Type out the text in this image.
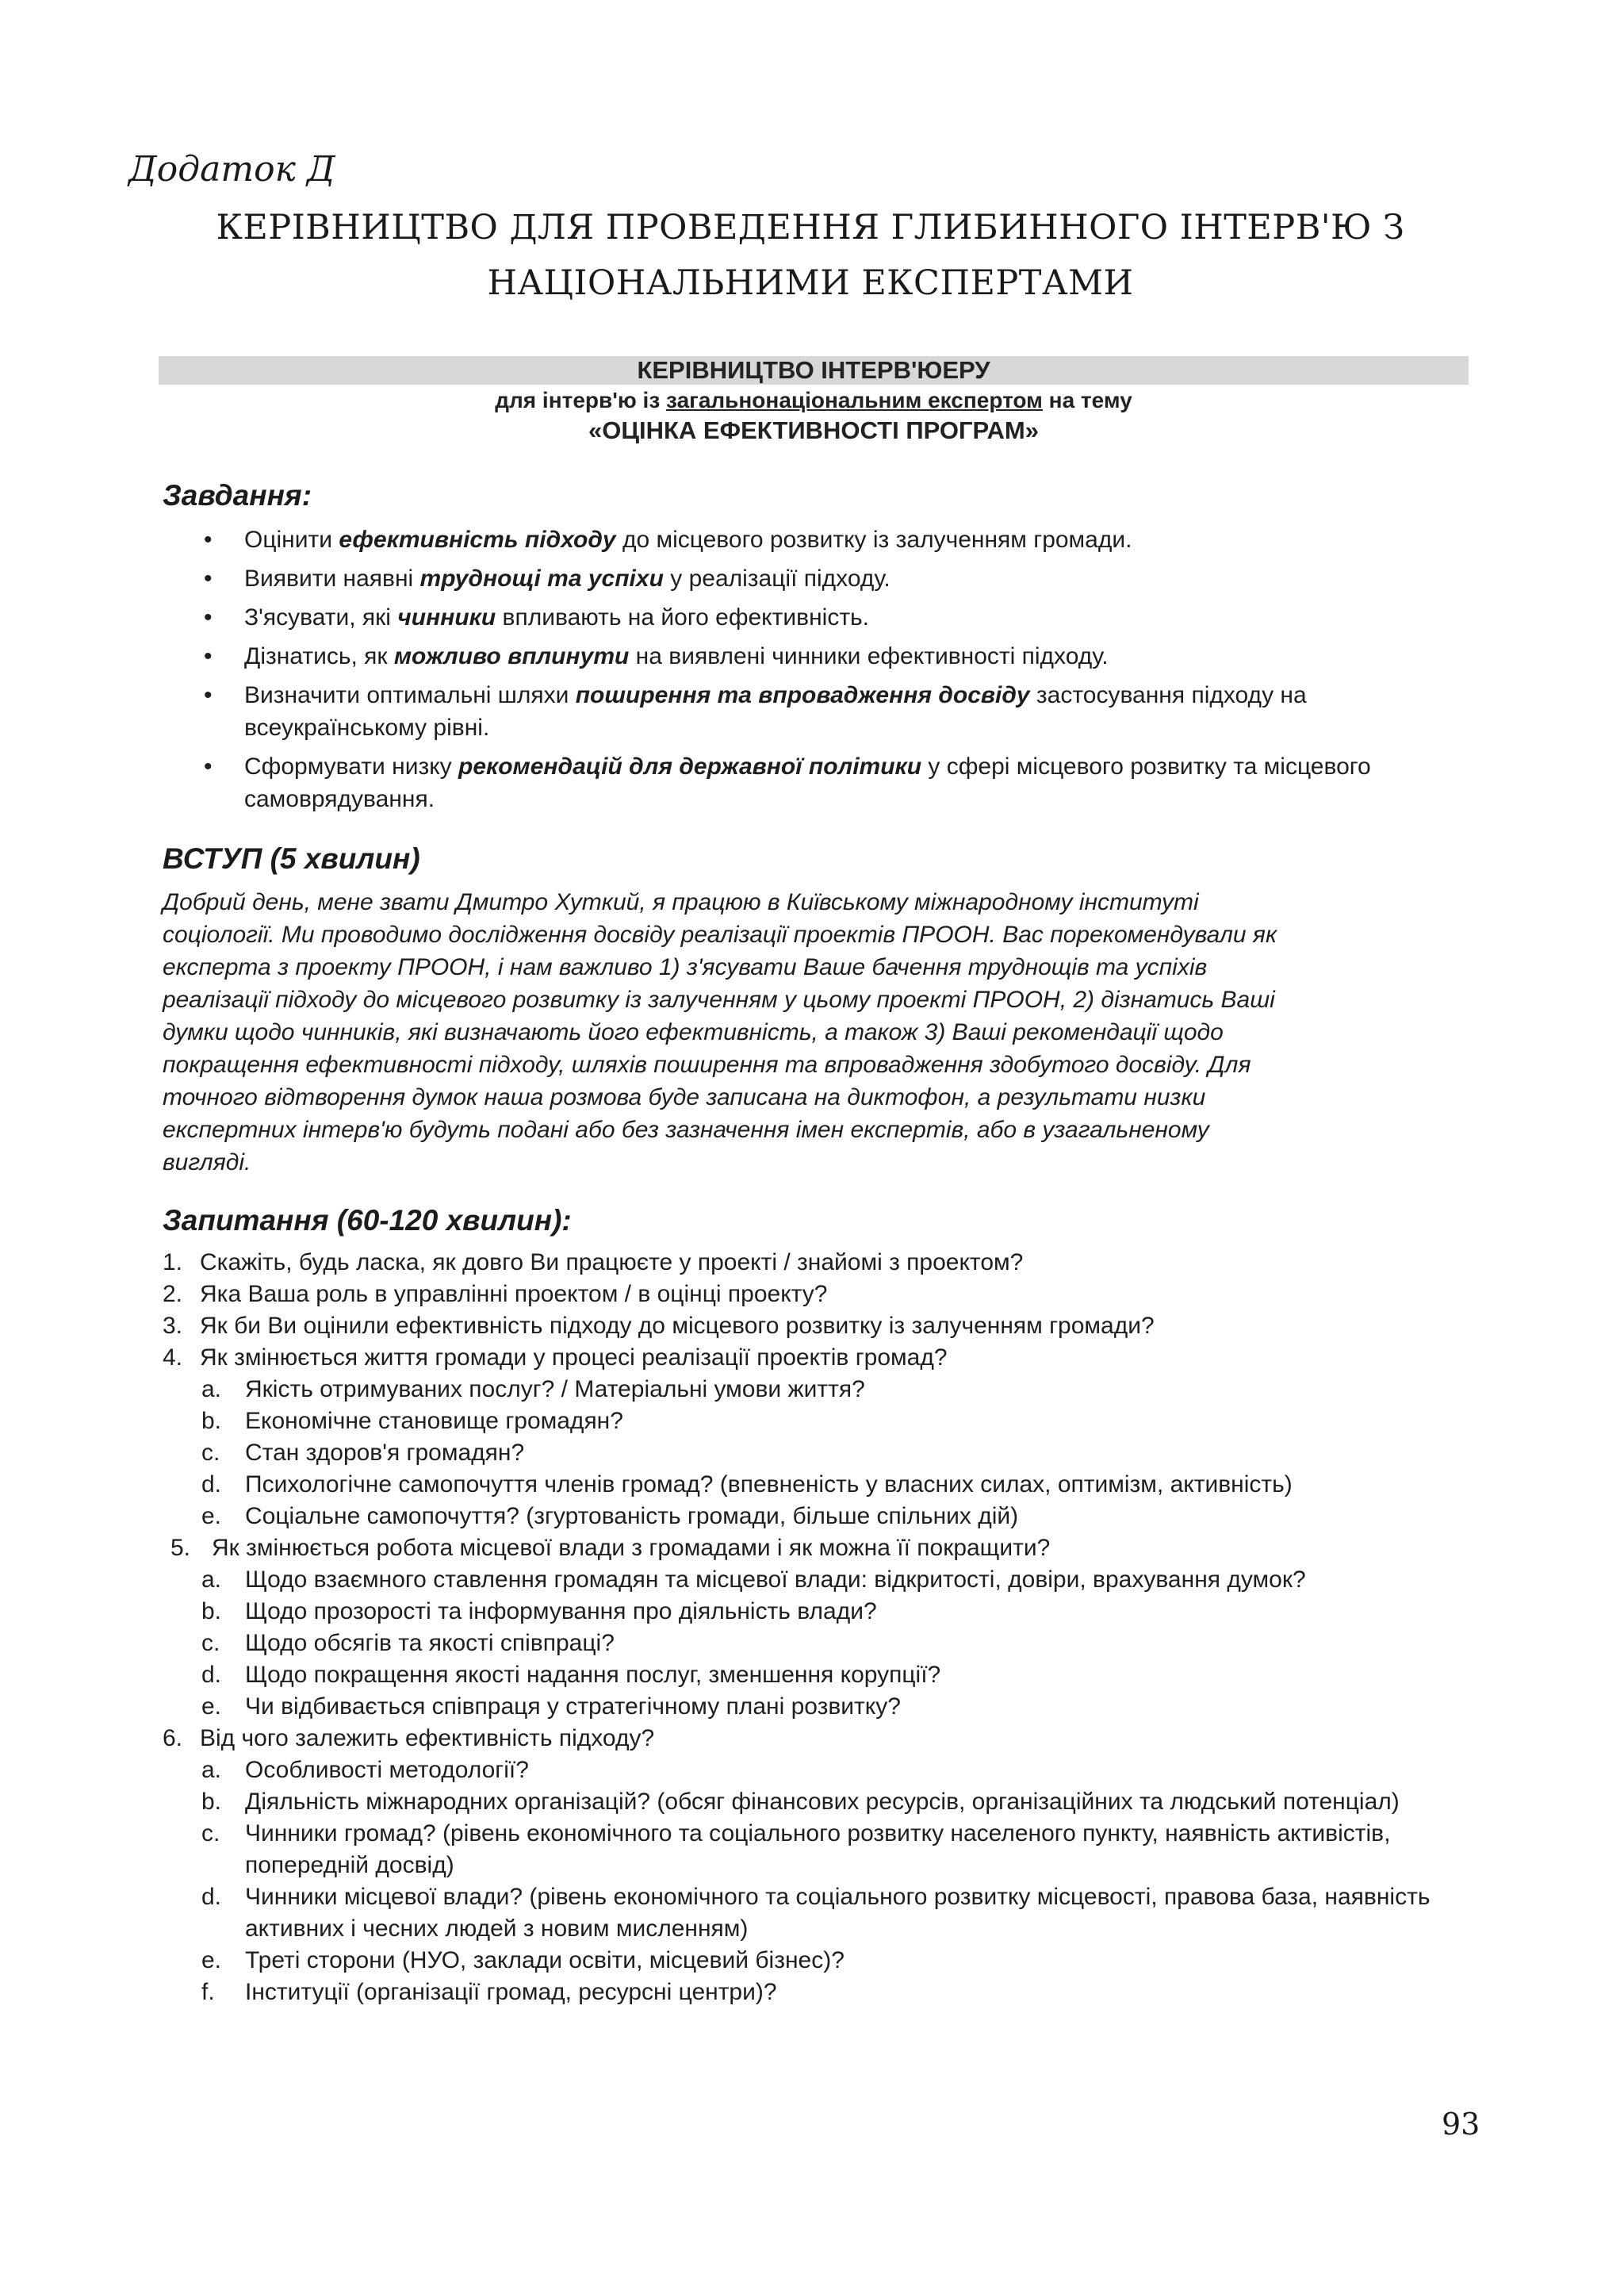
Додаток Д
КЕРІВНИЦТВО ДЛЯ ПРОВЕДЕННЯ ГЛИБИННОГО ІНТЕРВ'Ю З
НАЦІОНАЛЬНИМИ ЕКСПЕРТАМИ
КЕРІВНИЦТВО ІНТЕРВ'ЮЕРУ
для інтерв'ю із загальнонаціональним експертом на тему
«ОЦІНКА ЕФЕКТИВНОСТІ ПРОГРАМ»
Завдання:
• Оцінити ефективність підходу до місцевого розвитку із залученням громади.
• Виявити наявні труднощі та успіхи у реалізації підходу.
• З'ясувати, які чинники впливають на його ефективність.
• Дізнатись, як можливо вплинути на виявлені чинники ефективності підходу.
• Визначити оптимальні шляхи поширення та впровадження досвіду застосування підходу на всеукраїнському рівні.
• Сформувати низку рекомендацій для державної політики у сфері місцевого розвитку та місцевого самоврядування.
ВСТУП (5 хвилин)
Добрий день, мене звати Дмитро Хуткий, я працюю в Київському міжнародному інституті
соціології. Ми проводимо дослідження досвіду реалізації проектів ПРООН. Вас порекомендували як
експерта з проекту ПРООН, і нам важливо 1) з'ясувати Ваше бачення труднощів та успіхів
реалізації підходу до місцевого розвитку із залученням у цьому проекті ПРООН, 2) дізнатись Ваші
думки щодо чинників, які визначають його ефективність, а також 3) Ваші рекомендації щодо
покращення ефективності підходу, шляхів поширення та впровадження здобутого досвіду. Для
точного відтворення думок наша розмова буде записана на диктофон, а результати низки
експертних інтерв'ю будуть подані або без зазначення імен експертів, або в узагальненому
вигляді.
Запитання (60-120 хвилин):
1. Скажіть, будь ласка, як довго Ви працюєте у проекті / знайомі з проектом?
2. Яка Ваша роль в управлінні проектом / в оцінці проекту?
3. Як би Ви оцінили ефективність підходу до місцевого розвитку із залученням громади?
4. Як змінюється життя громади у процесі реалізації проектів громад?
a. Якість отримуваних послуг? / Матеріальні умови життя?
b. Економічне становище громадян?
c. Стан здоров'я громадян?
d. Психологічне самопочуття членів громад? (впевненість у власних силах, оптимізм, активність)
e. Соціальне самопочуття? (згуртованість громади, більше спільних дій)
5. Як змінюється робота місцевої влади з громадами і як можна її покращити?
a. Щодо взаємного ставлення громадян та місцевої влади: відкритості, довіри, врахування думок?
b. Щодо прозорості та інформування про діяльність влади?
c. Щодо обсягів та якості співпраці?
d. Щодо покращення якості надання послуг, зменшення корупції?
e. Чи відбивається співпраця у стратегічному плані розвитку?
6. Від чого залежить ефективність підходу?
a. Особливості методології?
b. Діяльність міжнародних організацій? (обсяг фінансових ресурсів, організаційних та людський потенціал)
c. Чинники громад? (рівень економічного та соціального розвитку населеного пункту, наявність активістів, попередній досвід)
d. Чинники місцевої влади? (рівень економічного та соціального розвитку місцевості, правова база, наявність активних і чесних людей з новим мисленням)
e. Треті сторони (НУО, заклади освіти, місцевий бізнес)?
f. Інституції (організації громад, ресурсні центри)?
93
